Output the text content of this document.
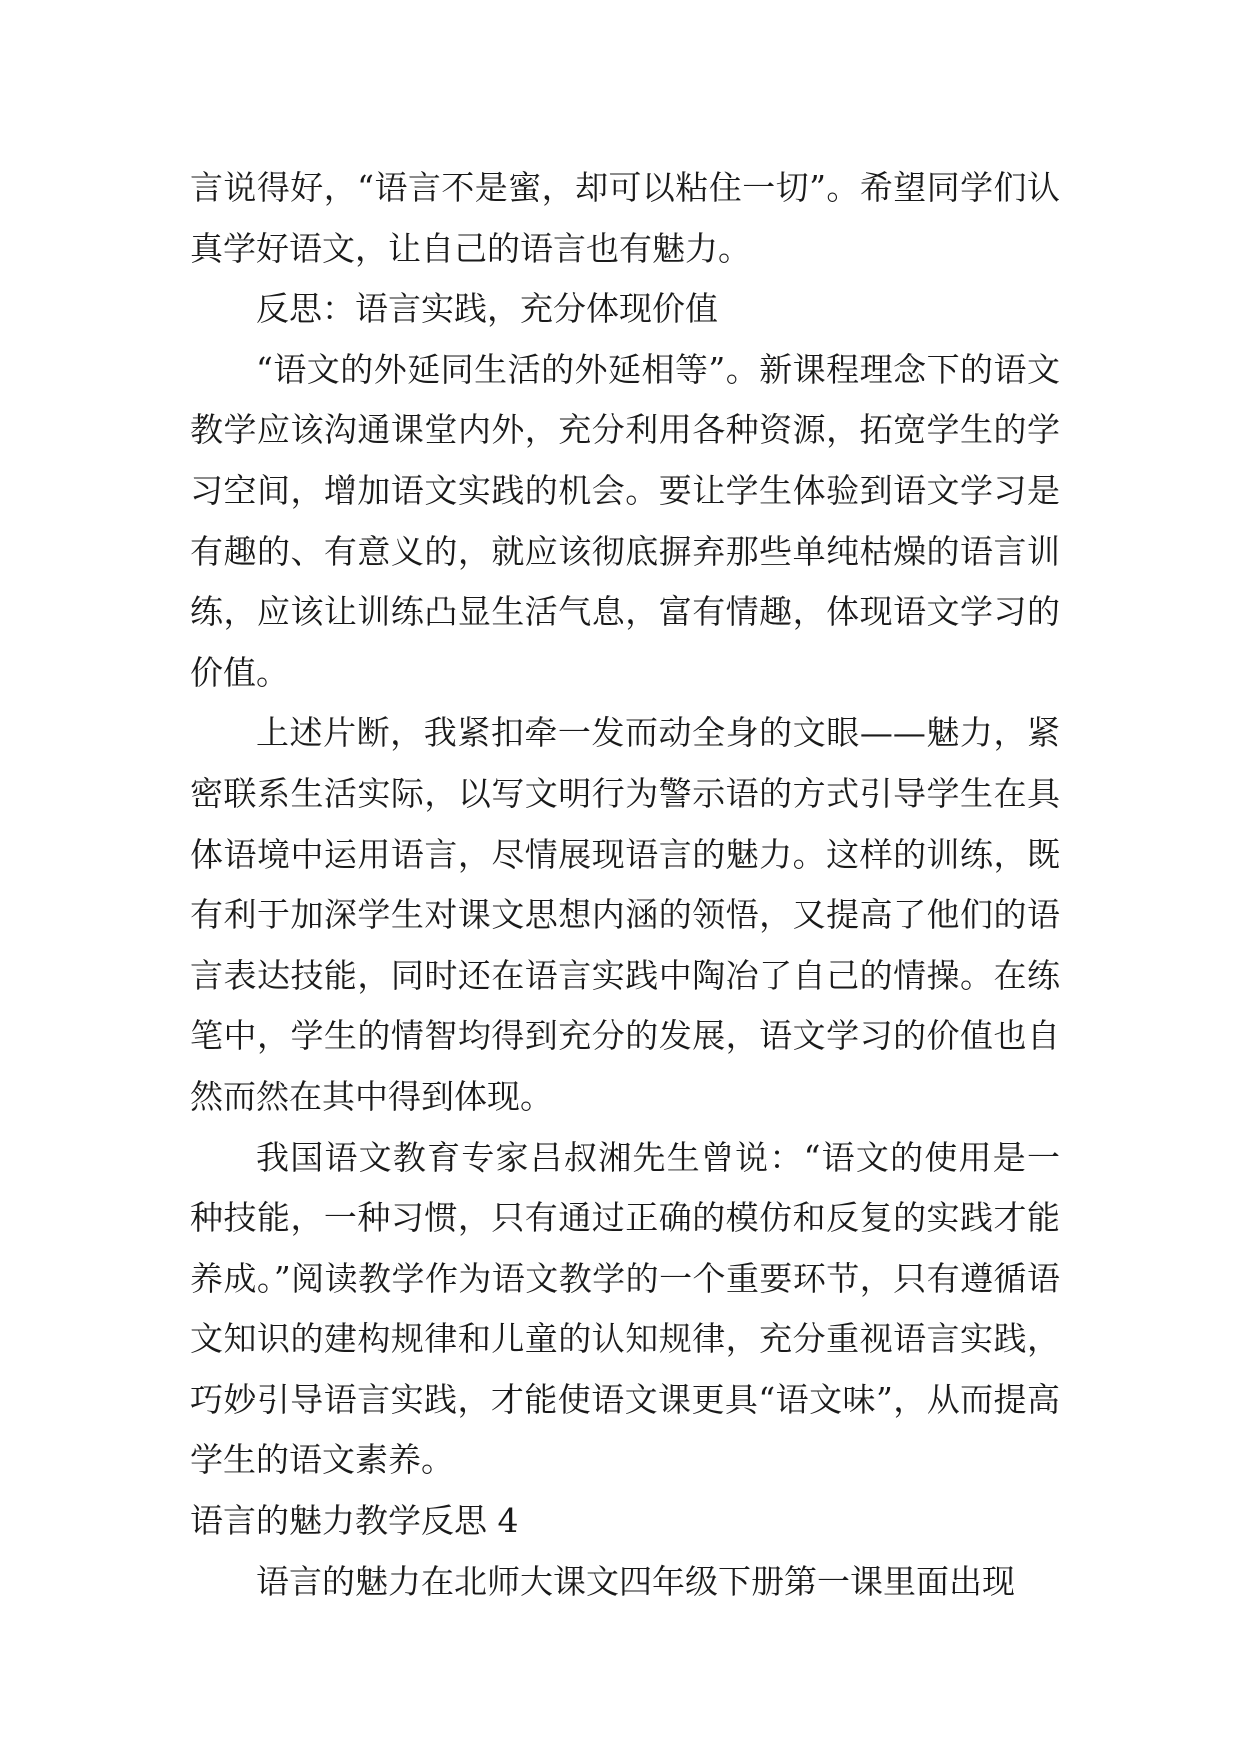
言说得好，“语言不是蜜，却可以粘住一切”。希望同学们认真学好语文，让自己的语言也有魅力。

反思：语言实践，充分体现价值

“语文的外延同生活的外延相等”。新课程理念下的语文教学应该沟通课堂内外，充分利用各种资源，拓宽学生的学习空间，增加语文实践的机会。要让学生体验到语文学习是有趣的、有意义的，就应该彻底摒弃那些单纯枯燥的语言训练，应该让训练凸显生活气息，富有情趣，体现语文学习的价值。

上述片断，我紧扣牵一发而动全身的文眼——魅力，紧密联系生活实际，以写文明行为警示语的方式引导学生在具体语境中运用语言，尽情展现语言的魅力。这样的训练，既有利于加深学生对课文思想内涵的领悟，又提高了他们的语言表达技能，同时还在语言实践中陶冶了自己的情操。在练笔中，学生的情智均得到充分的发展，语文学习的价值也自然而然在其中得到体现。

我国语文教育专家吕叔湘先生曾说：“语文的使用是一种技能，一种习惯，只有通过正确的模仿和反复的实践才能养成。”阅读教学作为语文教学的一个重要环节，只有遵循语文知识的建构规律和儿童的认知规律，充分重视语言实践，巧妙引导语言实践，才能使语文课更具“语文味”，从而提高学生的语文素养。

语言的魅力教学反思 4

语言的魅力在北师大课文四年级下册第一课里面出现
